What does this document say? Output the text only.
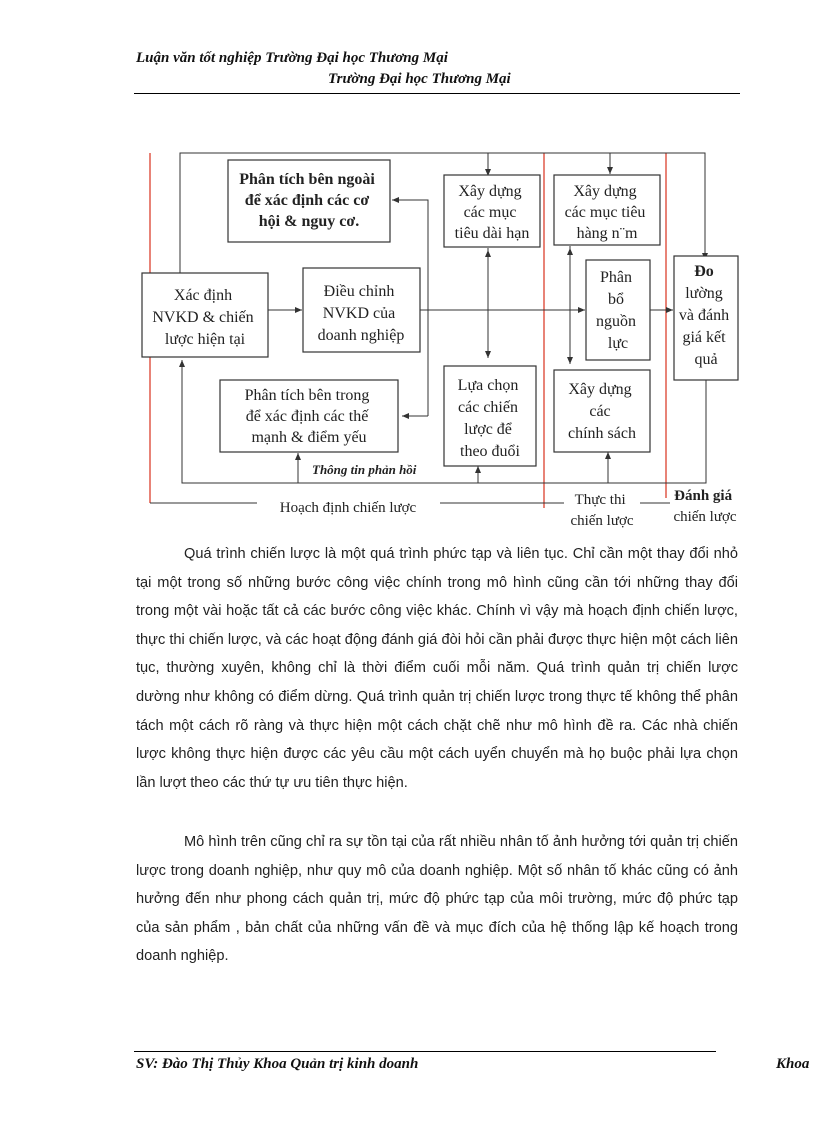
Luận văn tốt nghiệp Trường Đại học Thương Mại
Trường Đại học Thương Mại
Phân tích bên ngoài để xác định các cơ hội & nguy cơ.
Xác định NVKD & chiến lược hiện tại
Điều chỉnh NVKD của doanh nghiệp
Phân tích bên trong để xác định các thế mạnh & điểm yếu
Xây dựng các mục tiêu dài hạn
Lựa chọn các chiến lược để theo đuổi
Xây dựng các mục tiêu hàng n¨m
Phân bổ nguồn lực
Xây dựng các chính sách
Đo lường và đánh giá kết quả
Thông tin phản hồi
Hoạch định chiến lược	Thực thi chiến lược
Đánh giá chiến lược

Quá trình chiến lược là một quá trình phức tạp và liên tục. Chỉ cần một thay đổi nhỏ tại một trong số những bước công việc chính trong mô hình cũng cần tới những thay đổi trong một vài hoặc tất cả các bước công việc khác. Chính vì vậy mà hoạch định chiến lược, thực thi chiến lược, và các hoạt động đánh giá đòi hỏi cần phải được thực hiện một cách liên tục, thường xuyên, không chỉ là thời điểm cuối mỗi năm. Quá trình quản trị chiến lược dường như không có điểm dừng. Quá trình quản trị chiến lược trong thực tế không thể phân tách một cách rõ ràng và thực hiện một cách chặt chẽ như mô hình đề ra. Các nhà chiến lược không thực hiện được các yêu cầu một cách uyển chuyển mà họ buộc phải lựa chọn lần lượt theo các thứ tự ưu tiên thực hiện.

Mô hình trên cũng chỉ ra sự tồn tại của rất nhiều nhân tố ảnh hưởng tới quản trị chiến lược trong doanh nghiệp, như quy mô của doanh nghiệp. Một số nhân tố khác cũng có ảnh hưởng đến như phong cách quản trị, mức độ phức tạp của môi trường, mức độ phức tạp của sản phẩm , bản chất của những vấn đề và mục đích của hệ thống lập kế hoạch trong doanh nghiệp.

SV: Đào Thị Thủy Khoa Quản trị kinh doanh	Khoa
